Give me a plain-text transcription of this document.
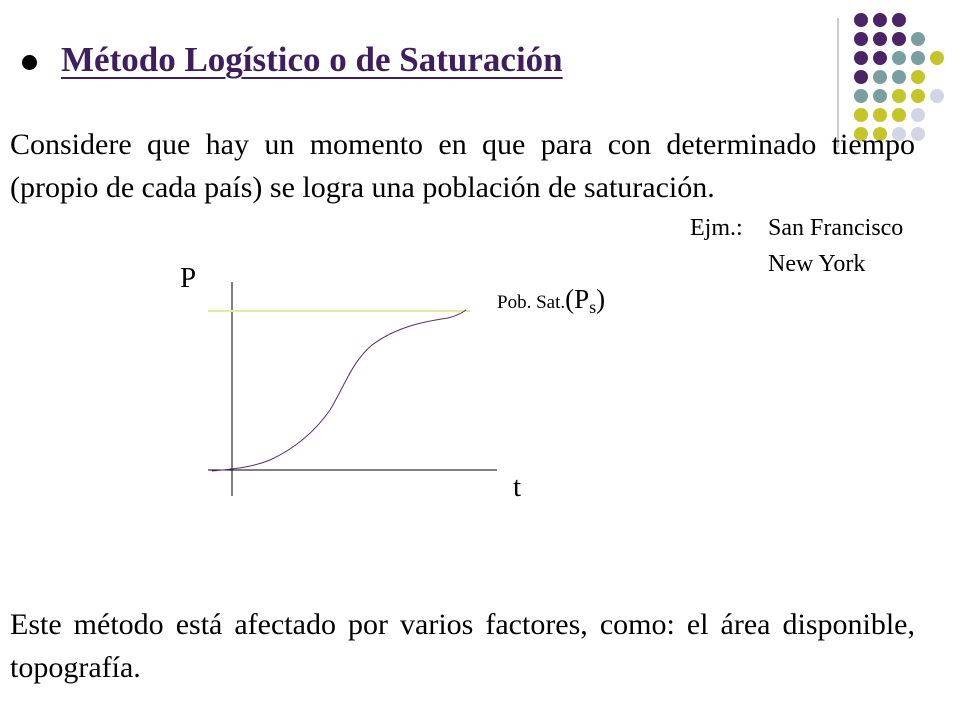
Método Logístico o de Saturación
Considere que hay un momento en que para con determinado tiempo (propio de cada país) se logra una población de saturación.
Ejm.: San Francisco
New York
P
t
Pob. Sat.(Ps)
Este método está afectado por varios factores, como: el área disponible, topografía.
